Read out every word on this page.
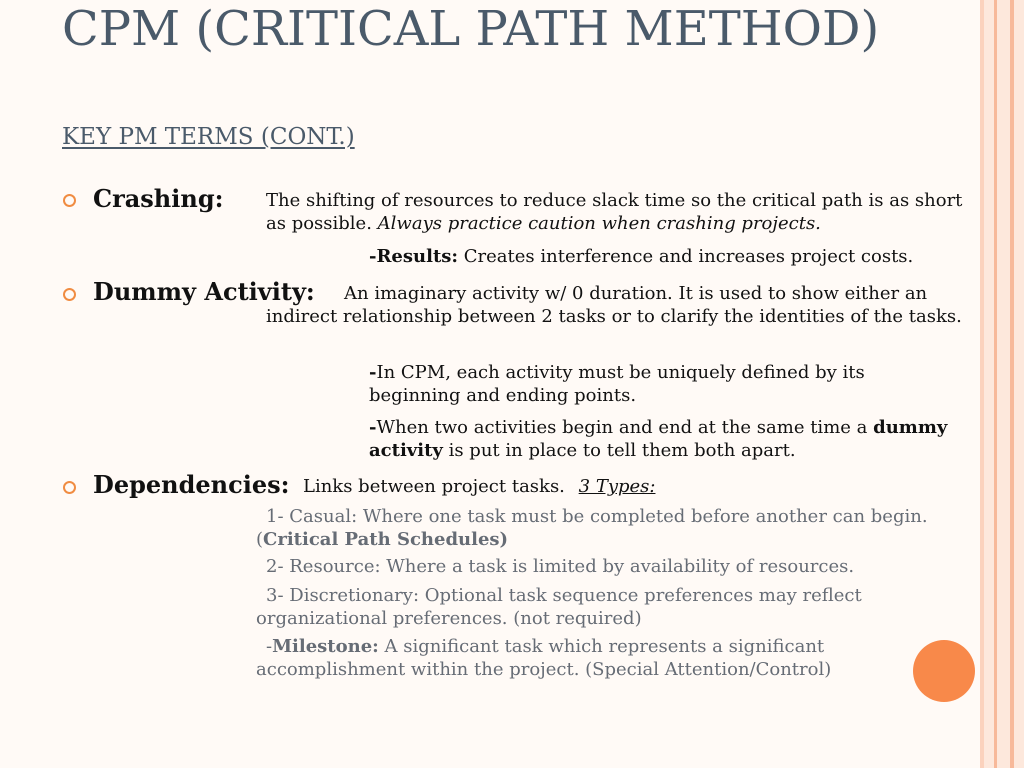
CPM (CRITICAL PATH METHOD)
KEY PM TERMS (CONT.)
Crashing: The shifting of resources to reduce slack time so the critical path is as short as possible. Always practice caution when crashing projects.
-Results: Creates interference and increases project costs.
Dummy Activity:	An imaginary activity w/ 0 duration. It is used to show either an indirect relationship between 2 tasks or to clarify the identities of the tasks.
-In CPM, each activity must be uniquely defined by its beginning and ending points.
-When two activities begin and end at the same time a dummy activity is put in place to tell them both apart.
Dependencies: Links between project tasks. 3 Types:
1- Casual: Where one task must be completed before another can begin. (Critical Path Schedules)
2- Resource: Where a task is limited by availability of resources.
3- Discretionary: Optional task sequence preferences may reflect organizational preferences. (not required)
-Milestone: A significant task which represents a significant accomplishment within the project. (Special Attention/Control)
